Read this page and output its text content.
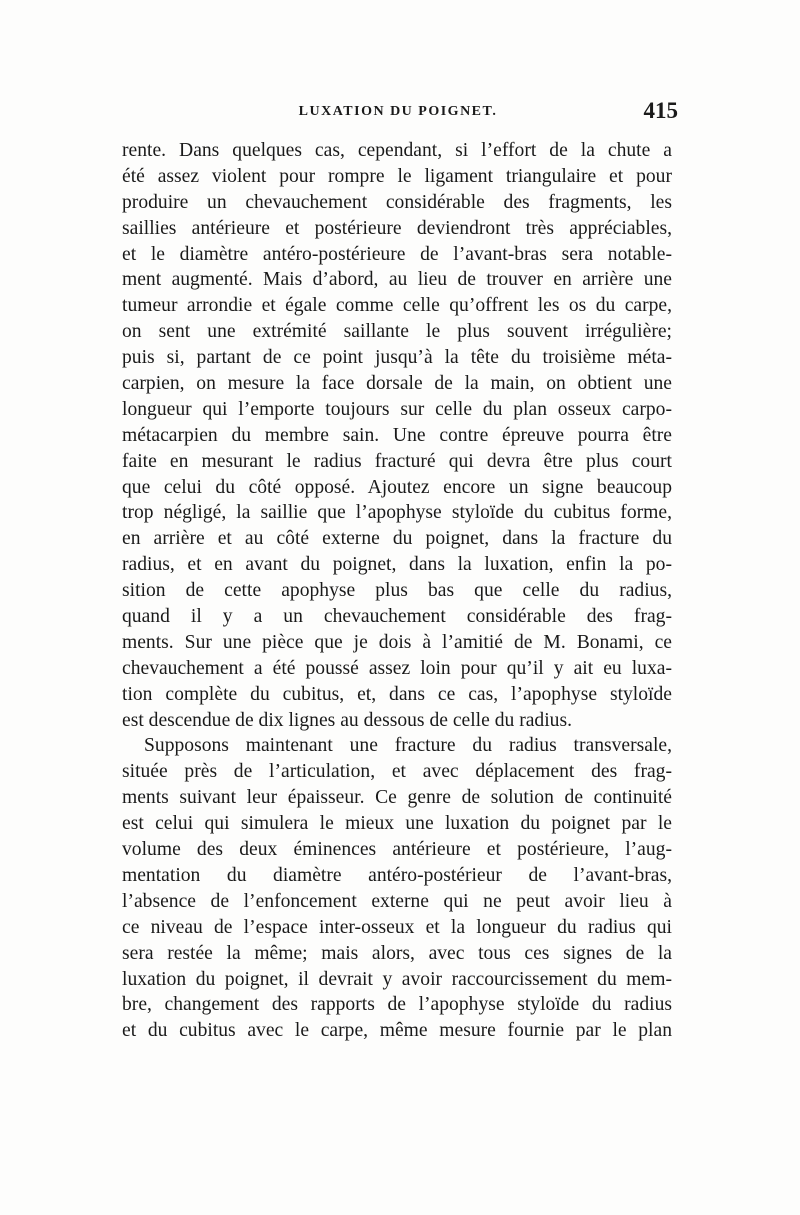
LUXATION DU POIGNET.	415
rente. Dans quelques cas, cependant, si l’effort de la chute a
été assez violent pour rompre le ligament triangulaire et pour
produire un chevauchement considérable des fragments, les
saillies antérieure et postérieure deviendront très appréciables,
et le diamètre antéro-postérieure de l’avant-bras sera notable-
ment augmenté. Mais d’abord, au lieu de trouver en arrière une
tumeur arrondie et égale comme celle qu’offrent les os du carpe,
on sent une extrémité saillante le plus souvent irrégulière;
puis si, partant de ce point jusqu’à la tête du troisième méta-
carpien, on mesure la face dorsale de la main, on obtient une
longueur qui l’emporte toujours sur celle du plan osseux carpo-
métacarpien du membre sain. Une contre épreuve pourra être
faite en mesurant le radius fracturé qui devra être plus court
que celui du côté opposé. Ajoutez encore un signe beaucoup
trop négligé, la saillie que l’apophyse styloïde du cubitus forme,
en arrière et au côté externe du poignet, dans la fracture du
radius, et en avant du poignet, dans la luxation, enfin la po-
sition de cette apophyse plus bas que celle du radius,
quand il y a un chevauchement considérable des frag-
ments. Sur une pièce que je dois à l’amitié de M. Bonami, ce
chevauchement a été poussé assez loin pour qu’il y ait eu luxa-
tion complète du cubitus, et, dans ce cas, l’apophyse styloïde
est descendue de dix lignes au dessous de celle du radius.
Supposons maintenant une fracture du radius transversale,
située près de l’articulation, et avec déplacement des frag-
ments suivant leur épaisseur. Ce genre de solution de continuité
est celui qui simulera le mieux une luxation du poignet par le
volume des deux éminences antérieure et postérieure, l’aug-
mentation du diamètre antéro-postérieur de l’avant-bras,
l’absence de l’enfoncement externe qui ne peut avoir lieu à
ce niveau de l’espace inter-osseux et la longueur du radius qui
sera restée la même; mais alors, avec tous ces signes de la
luxation du poignet, il devrait y avoir raccourcissement du mem-
bre, changement des rapports de l’apophyse styloïde du radius
et du cubitus avec le carpe, même mesure fournie par le plan
